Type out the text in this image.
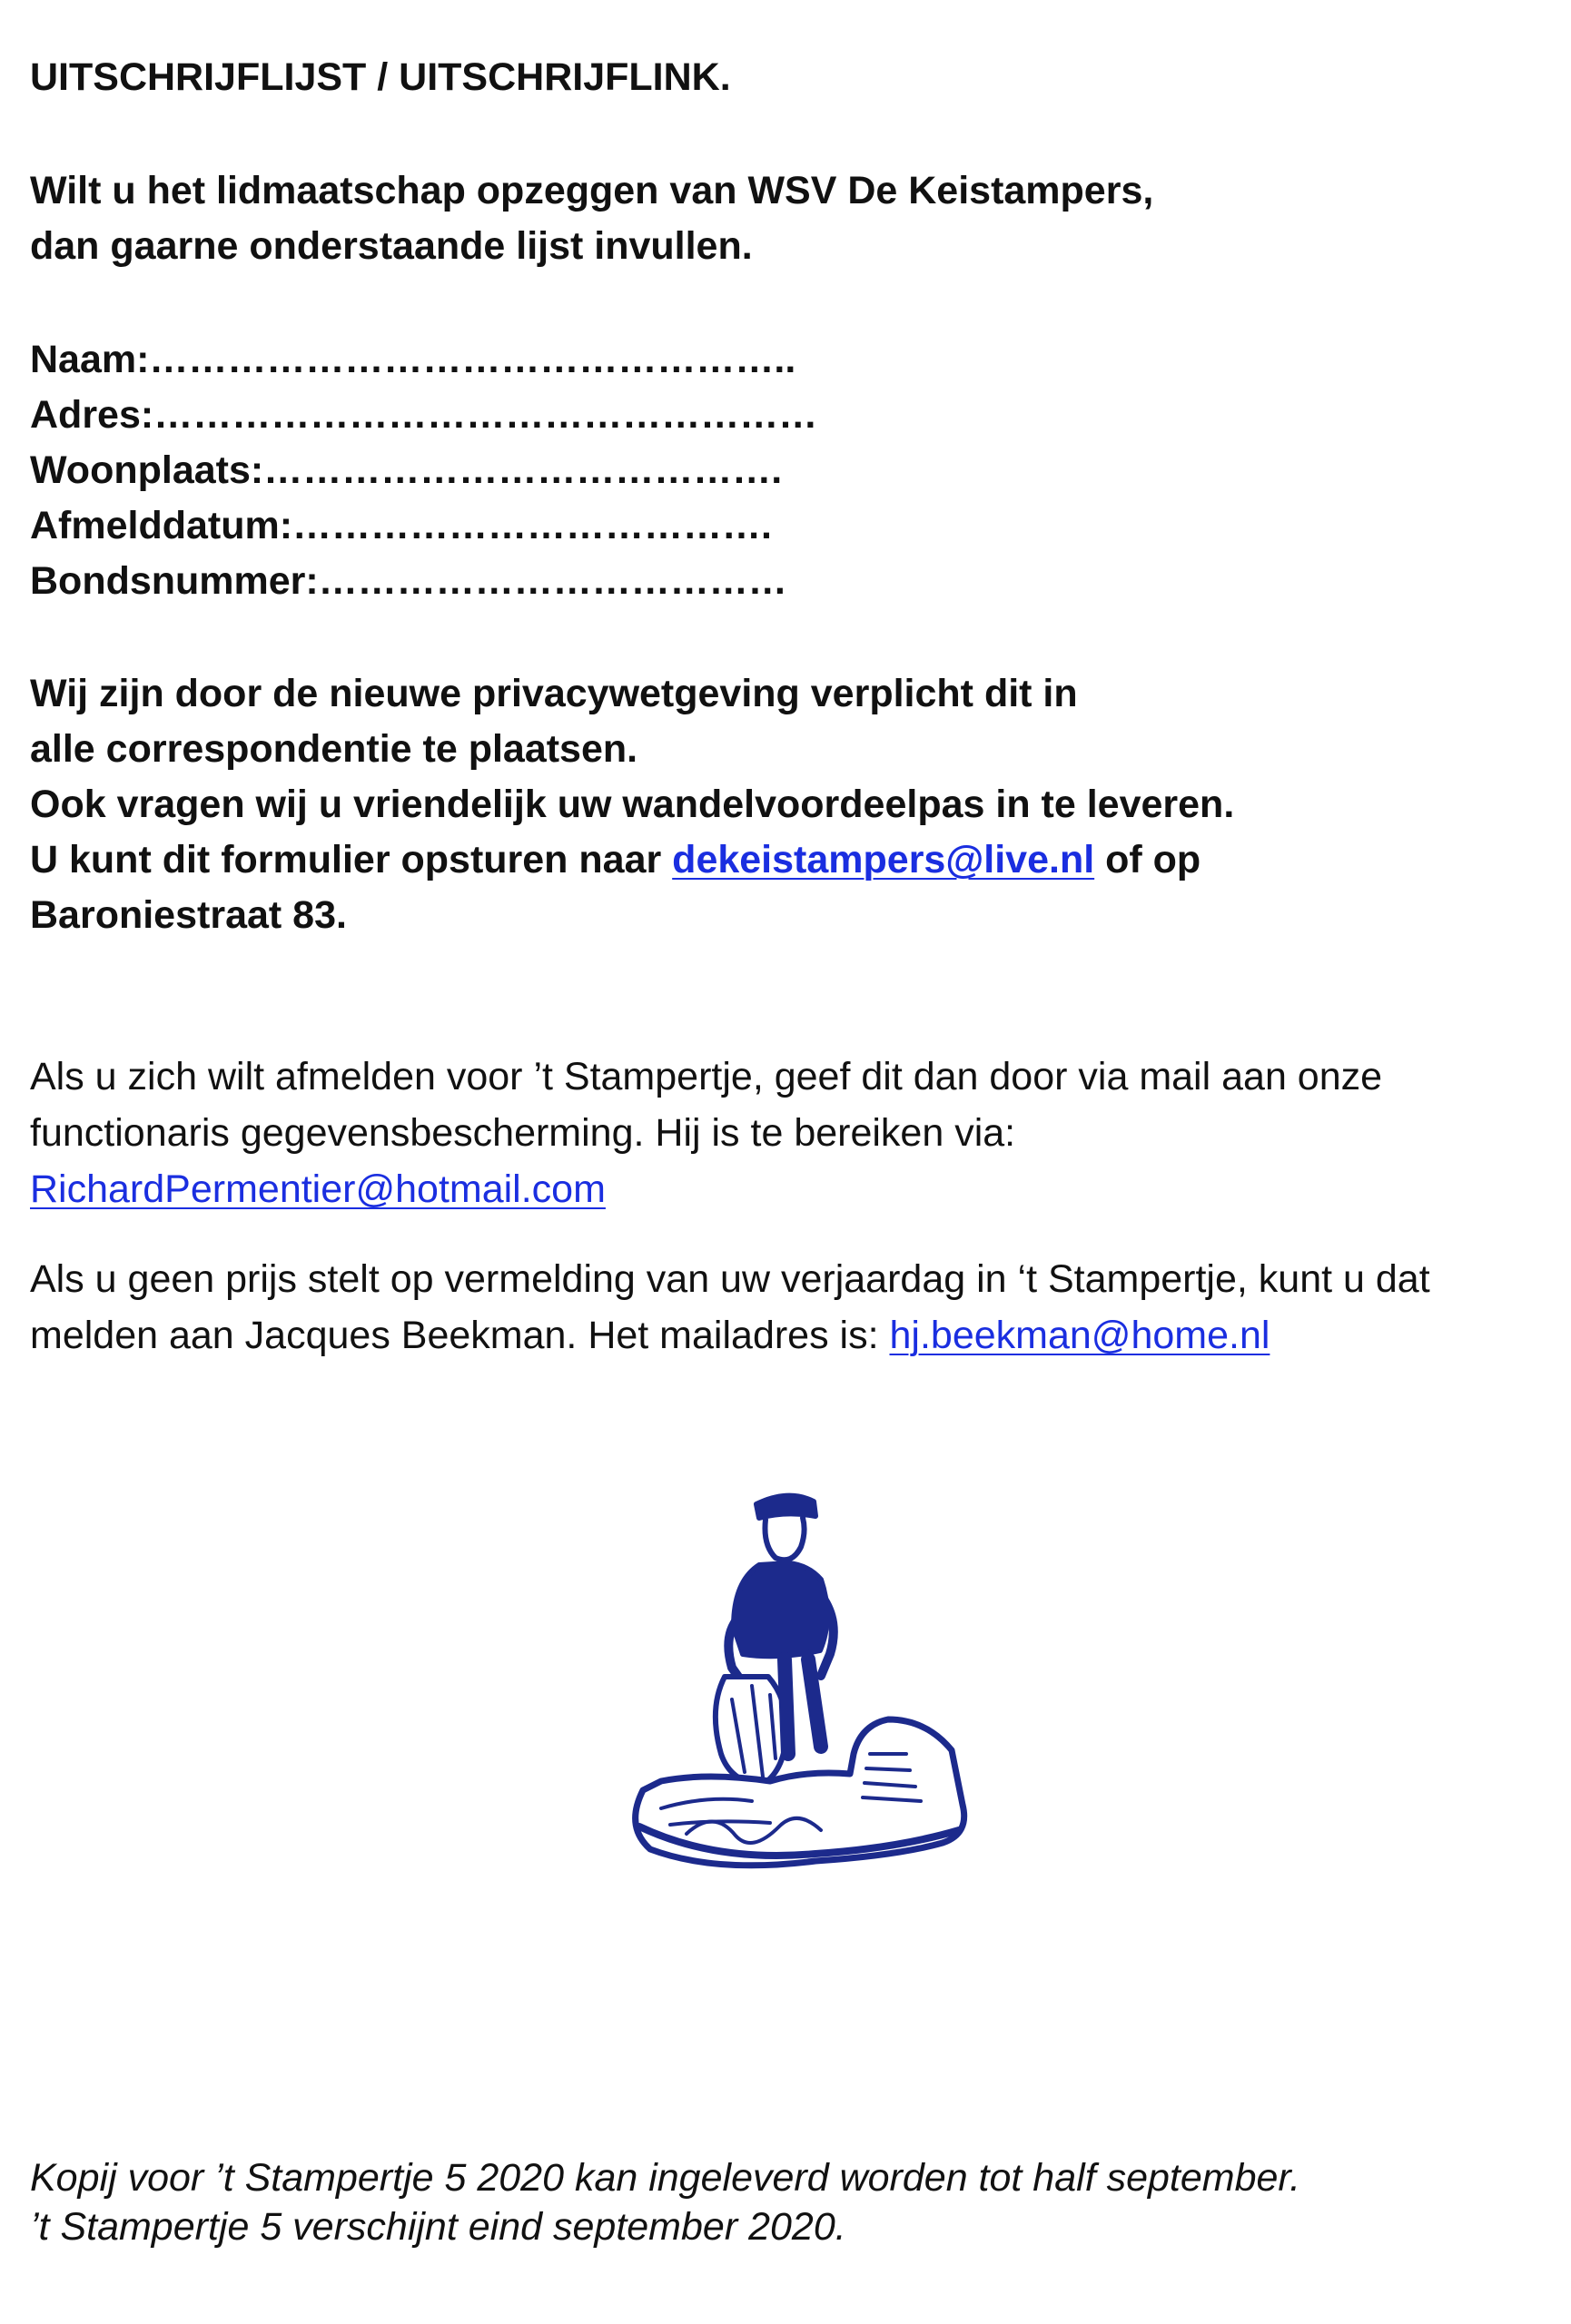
UITSCHRIJFLIJST / UITSCHRIJFLINK.
Wilt u het lidmaatschap opzeggen van WSV De Keistampers,
dan gaarne onderstaande lijst invullen.
Naam:…………………………………………..
Adres:……………………………………………
Woonplaats:………………………………….
Afmelddatum:……………………………….
Bondsnummer:………………………………
Wij zijn door de nieuwe privacywetgeving verplicht dit in
alle correspondentie te plaatsen.
Ook vragen wij u vriendelijk uw wandelvoordeelpas in te leveren.
U kunt dit formulier opsturen naar dekeistampers@live.nl of op
Baroniestraat 83.
Als u zich wilt afmelden voor ’t Stampertje, geef dit dan door via mail aan onze
functionaris gegevensbescherming. Hij is te bereiken via:
RichardPermentier@hotmail.com
Als u geen prijs stelt op vermelding van uw verjaardag in ‘t Stampertje, kunt u dat
melden aan Jacques Beekman. Het mailadres is: hj.beekman@home.nl
Kopij voor ’t Stampertje 5 2020 kan ingeleverd worden tot half september.
’t Stampertje 5 verschijnt eind september 2020.
